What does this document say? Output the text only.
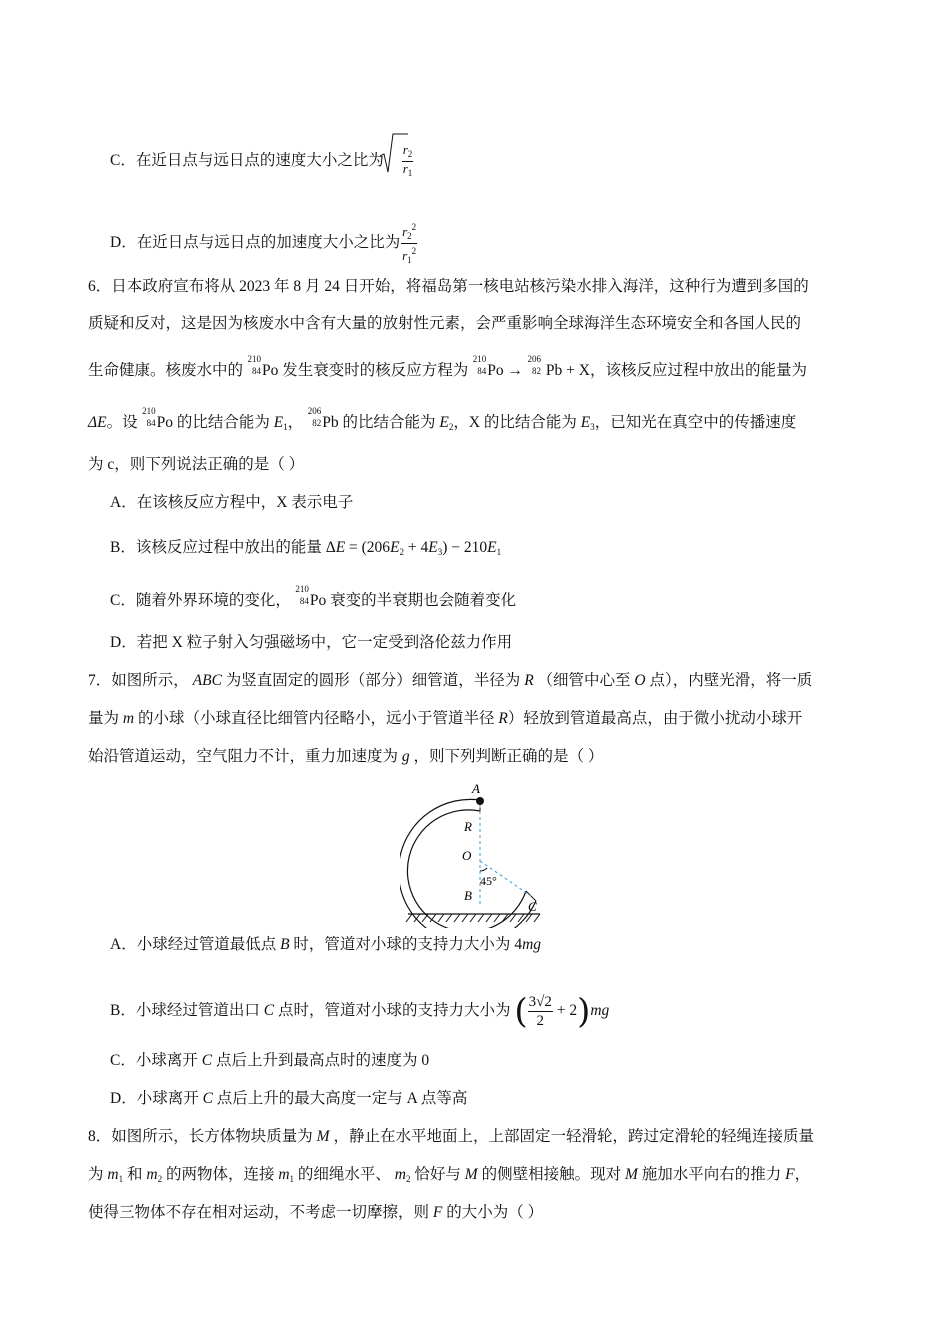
C．在近日点与远日点的速度大小之比为 $\frac{r_2}{r_1}$
D．在近日点与远日点的加速度大小之比为 $\frac{r_2^2}{r_1^2}$
6．日本政府宣布将从 2023 年 8 月 24 日开始，将福岛第一核电站核污染水排入海洋，这种行为遭到多国的
质疑和反对，这是因为核废水中含有大量的放射性元素，会严重影响全球海洋生态环境安全和各国人民的
生命健康。核废水中的
210
84 Po 发生衰变时的核反应方程为
210
84 Po →
206
82 Pb + X，该核反应过程中放出的能量为
ΔE。设
210
84 Po 的比结合能为 $E_1$，
206
82 Pb 的比结合能为 $E_2$，X 的比结合能为 $E_3$，已知光在真空中的传播速度
为 c，则下列说法正确的是（ ）
A．在该核反应方程中，X 表示电子
B．该核反应过程中放出的能量 $\Delta E = (206E_2 + 4E_3) - 210E_1$
C．随着外界环境的变化，
210
84 Po 衰变的半衰期也会随着变化
D．若把 X 粒子射入匀强磁场中，它一定受到洛伦兹力作用
7．如图所示， ABC 为竖直固定的圆形（部分）细管道，半径为 R （细管中心至 O 点），内壁光滑，将一质
量为 m 的小球（小球直径比细管内径略小，远小于管道半径 R）轻放到管道最高点，由于微小扰动小球开
始沿管道运动，空气阻力不计，重力加速度为 g ，则下列判断正确的是（ ）
A
R
O
45°
B
C
A．小球经过管道最低点 B 时，管道对小球的支持力大小为 4mg
B．小球经过管道出口 C 点时，管道对小球的支持力大小为 ( $\frac{3√2}{2} + 2)mg$
C．小球离开 C 点后上升到最高点时的速度为 0
D．小球离开 C 点后上升的最大高度一定与 A 点等高
8．如图所示，长方体物块质量为 M ，静止在水平地面上，上部固定一轻滑轮，跨过定滑轮的轻绳连接质量
为 $m_1$ 和 $m_2$ 的两物体，连接 $m_1$ 的细绳水平、 $m_2$ 恰好与 M 的侧壁相接触。现对 M 施加水平向右的推力 F，
使得三物体不存在相对运动，不考虑一切摩擦，则 F 的大小为（ ）
